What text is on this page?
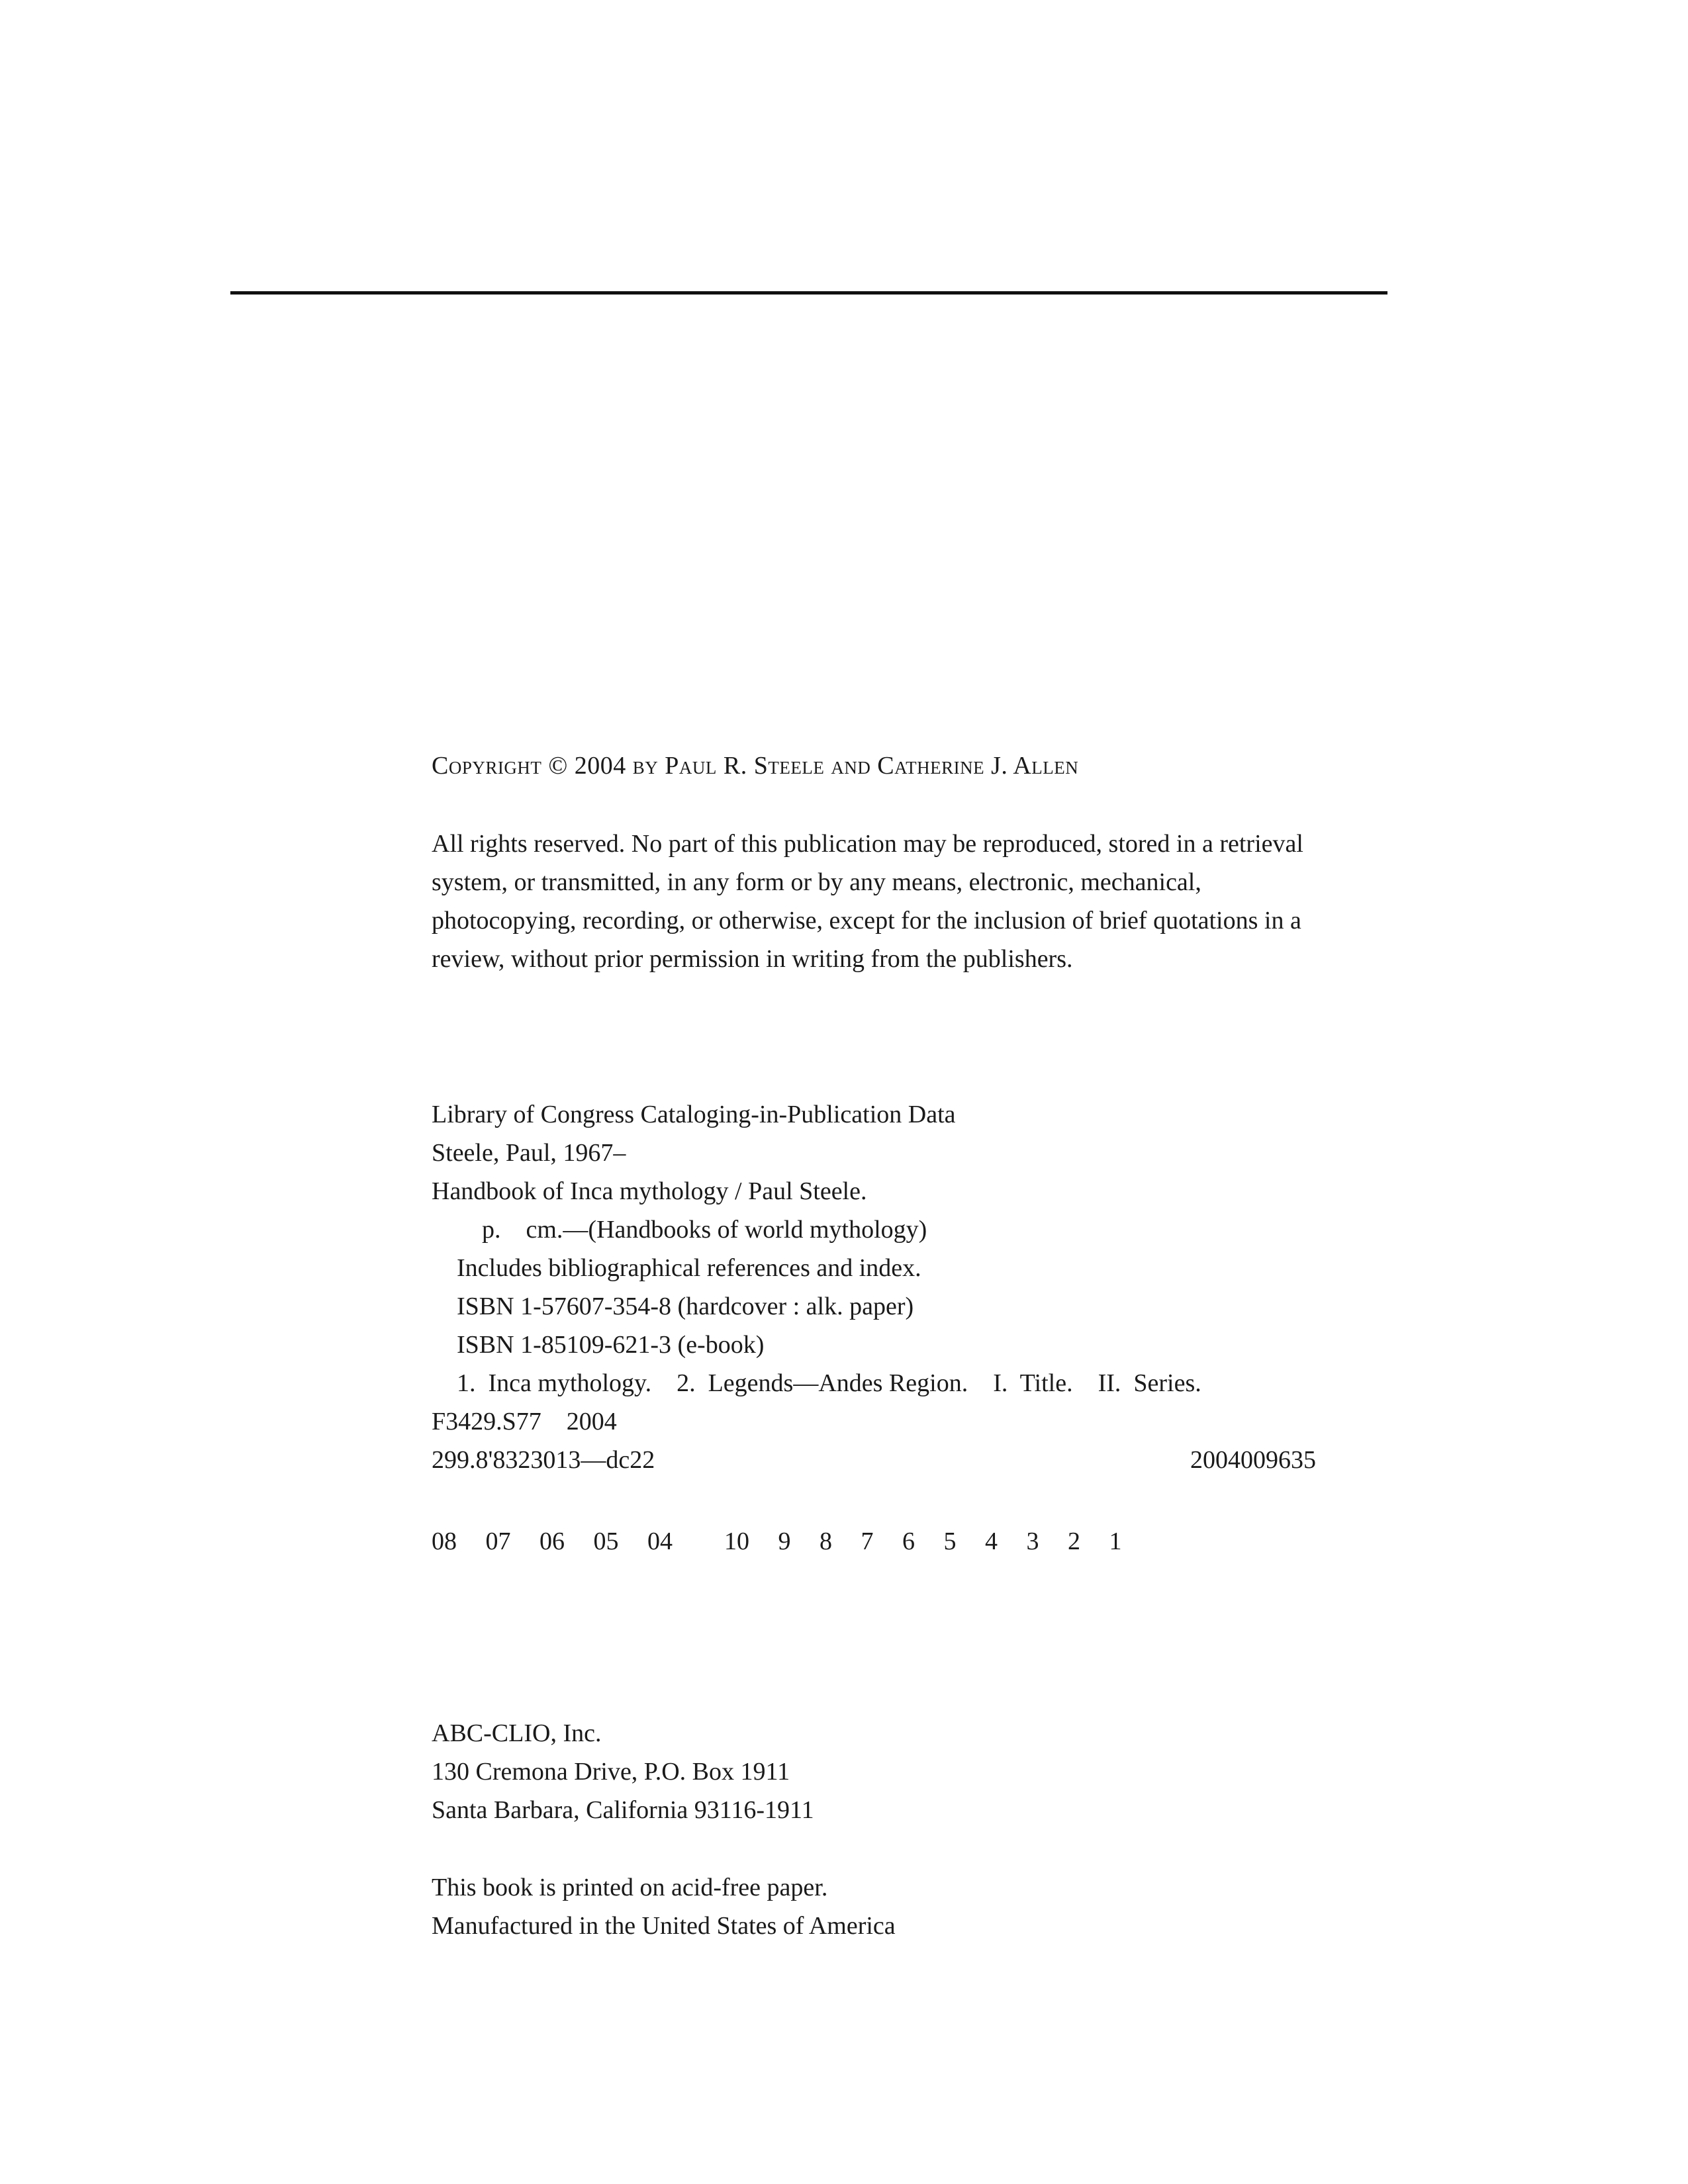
Copyright © 2004 by Paul R. Steele and Catherine J. Allen
All rights reserved. No part of this publication may be reproduced, stored in a retrieval system, or transmitted, in any form or by any means, electronic, mechanical, photocopying, recording, or otherwise, except for the inclusion of brief quotations in a review, without prior permission in writing from the publishers.
Library of Congress Cataloging-in-Publication Data
Steele, Paul, 1967–
Handbook of Inca mythology / Paul Steele.
p.    cm.—(Handbooks of world mythology)
Includes bibliographical references and index.
ISBN 1-57607-354-8 (hardcover : alk. paper)
ISBN 1-85109-621-3 (e-book)
1.  Inca mythology.    2.  Legends—Andes Region.    I.  Title.    II.  Series.
F3429.S77    2004
299.8'8323013—dc22	2004009635
08 07 06 05 04	10 9 8 7 6 5 4 3 2 1
ABC-CLIO, Inc.
130 Cremona Drive, P.O. Box 1911
Santa Barbara, California 93116-1911
This book is printed on acid-free paper.
Manufactured in the United States of America
